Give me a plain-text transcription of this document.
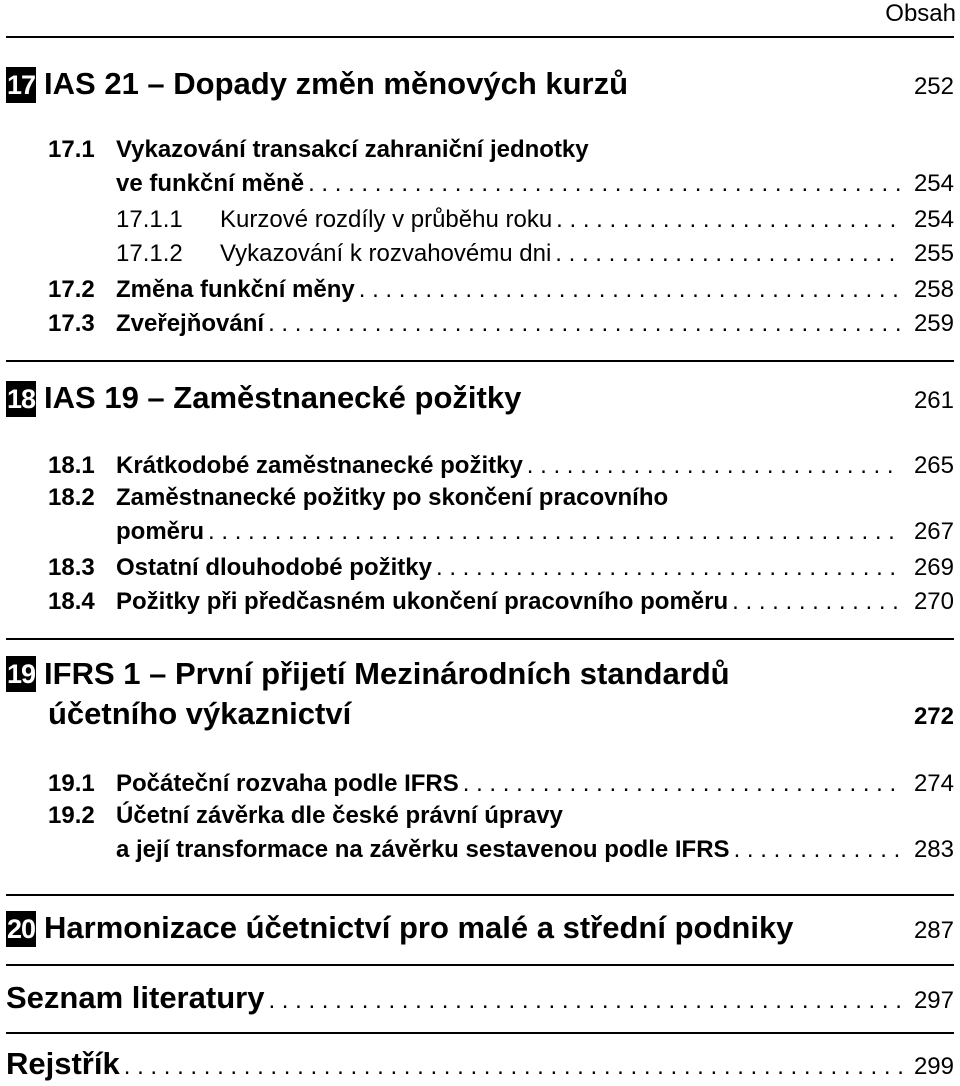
Obsah
17 IAS 21 – Dopady změn měnových kurzů	252
17.1 Vykazování transakcí zahraniční jednotky
ve funkční měně . . .	254
17.1.1	Kurzové rozdíly v průběhu roku . . .	254
17.1.2	Vykazování k rozvahovému dni . . .	255
17.2 Změna funkční měny . . .	258
17.3 Zveřejňování . . .	259
18 IAS 19 – Zaměstnanecké požitky	261
18.1 Krátkodobé zaměstnanecké požitky . . .	265
18.2 Zaměstnanecké požitky po skončení pracovního
poměru . . .	267
18.3 Ostatní dlouhodobé požitky . . .	269
18.4 Požitky při předčasném ukončení pracovního poměru . . .	270
19 IFRS 1 – První přijetí Mezinárodních standardů
účetního výkaznictví	272
19.1 Počáteční rozvaha podle IFRS . . .	274
19.2 Účetní závěrka dle české právní úpravy
a její transformace na závěrku sestavenou podle IFRS . . .	283
20 Harmonizace účetnictví pro malé a střední podniky	287
Seznam literatury . . .	297
Rejstřík . . .	299
